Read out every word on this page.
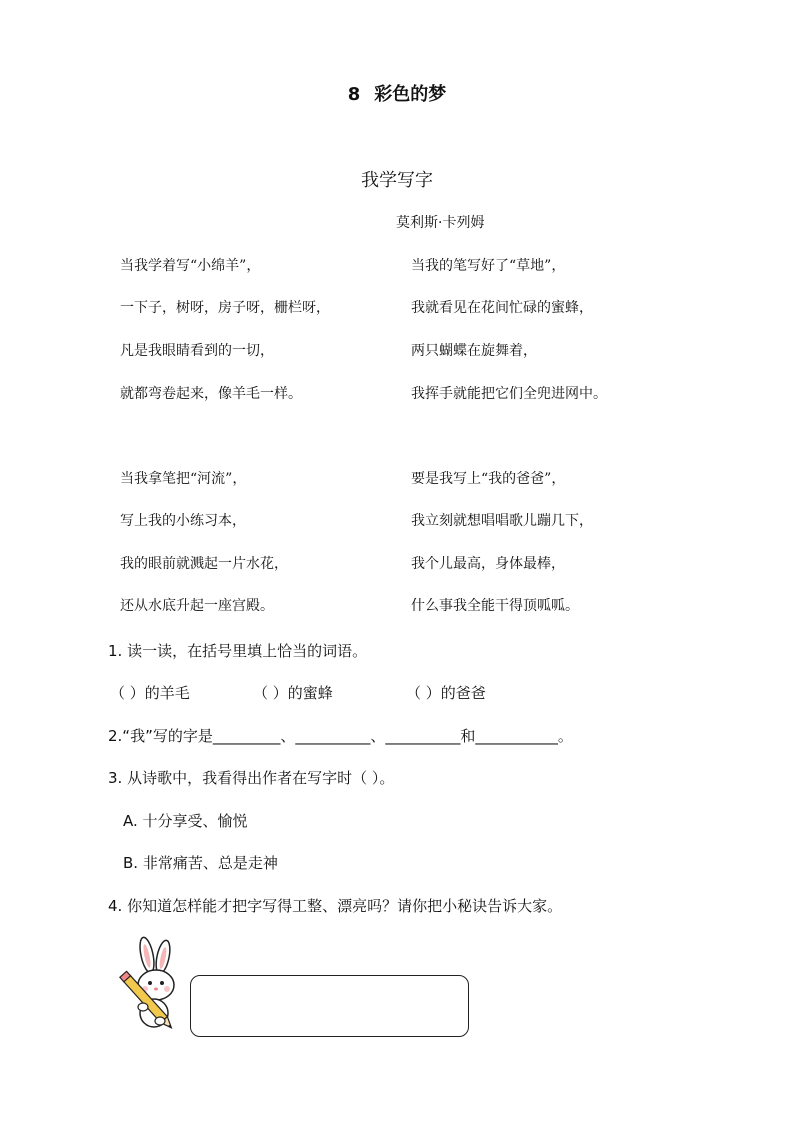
8 彩色的梦
我学写字
莫利斯·卡列姆
当我学着写“小绵羊”，
一下子，树呀，房子呀，栅栏呀，
凡是我眼睛看到的一切，
就都弯卷起来，像羊毛一样。
当我的笔写好了“草地”，
我就看见在花间忙碌的蜜蜂，
两只蝴蝶在旋舞着，
我挥手就能把它们全兜进网中。
当我拿笔把“河流”，
写上我的小练习本，
我的眼前就溅起一片水花，
还从水底升起一座宫殿。
要是我写上“我的爸爸”，
我立刻就想唱唱歌儿蹦几下，
我个儿最高，身体最棒，
什么事我全能干得顶呱呱。
1. 读一读，在括号里填上恰当的词语。
（ ）的羊毛	（ ）的蜜蜂	（ ）的爸爸
2.“我”写的字是_________、__________、__________和___________。
3. 从诗歌中，我看得出作者在写字时（ ）。
A. 十分享受、愉悦
B. 非常痛苦、总是走神
4. 你知道怎样能才把字写得工整、漂亮吗？请你把小秘诀告诉大家。
